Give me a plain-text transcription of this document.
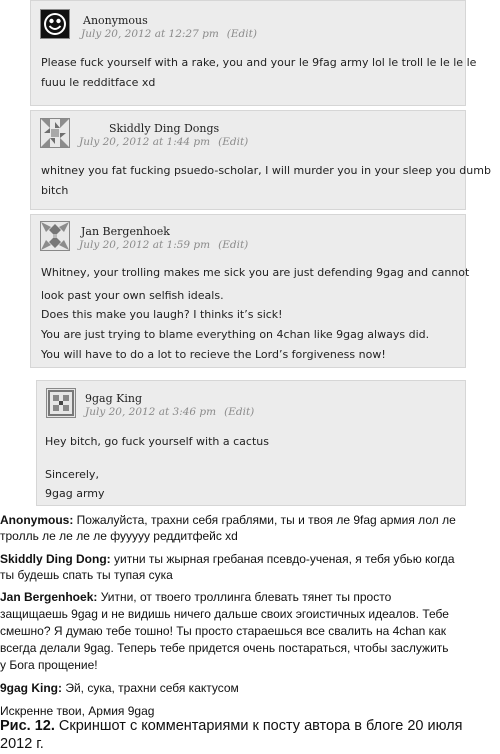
Anonymous
July 20, 2012 at 12:27 pm (Edit)
Please fuck yourself with a rake, you and your le 9fag army lol le troll le le le le
fuuu le redditface xd
Skiddly Ding Dongs
July 20, 2012 at 1:44 pm (Edit)
whitney you fat fucking psuedo-scholar, I will murder you in your sleep you dumb
bitch
Jan Bergenhoek
July 20, 2012 at 1:59 pm (Edit)
Whitney, your trolling makes me sick you are just defending 9gag and cannot
look past your own selfish ideals.
Does this make you laugh? I thinks it’s sick!
You are just trying to blame everything on 4chan like 9gag always did.
You will have to do a lot to recieve the Lord’s forgiveness now!
9gag King
July 20, 2012 at 3:46 pm (Edit)
Hey bitch, go fuck yourself with a cactus
Sincerely,
9gag army
Anonymous: Пожалуйста, трахни себя граблями, ты и твоя ле 9fag армия лол ле
тролль ле ле ле ле фуууyy реддитфейс xd
Skiddly Ding Dong: уитни ты жырная гребаная псевдо-ученая, я тебя убью когда
ты будешь спать ты тупая сука
Jan Bergenhoek: Уитни, от твоего троллинга блевать тянет ты просто
защищаешь 9gag и не видишь ничего дальше своих эгоистичных идеалов. Тебе
смешно? Я думаю тебе тошно! Ты просто стараешься все свалить на 4chan как
всегда делали 9gag. Теперь тебе придется очень постараться, чтобы заслужить
у Бога прощение!
9gag King: Эй, сука, трахни себя кактусом
Искренне твои, Армия 9gag
Рис. 12. Скриншот с комментариями к посту автора в блоге 20 июля
2012 г.
